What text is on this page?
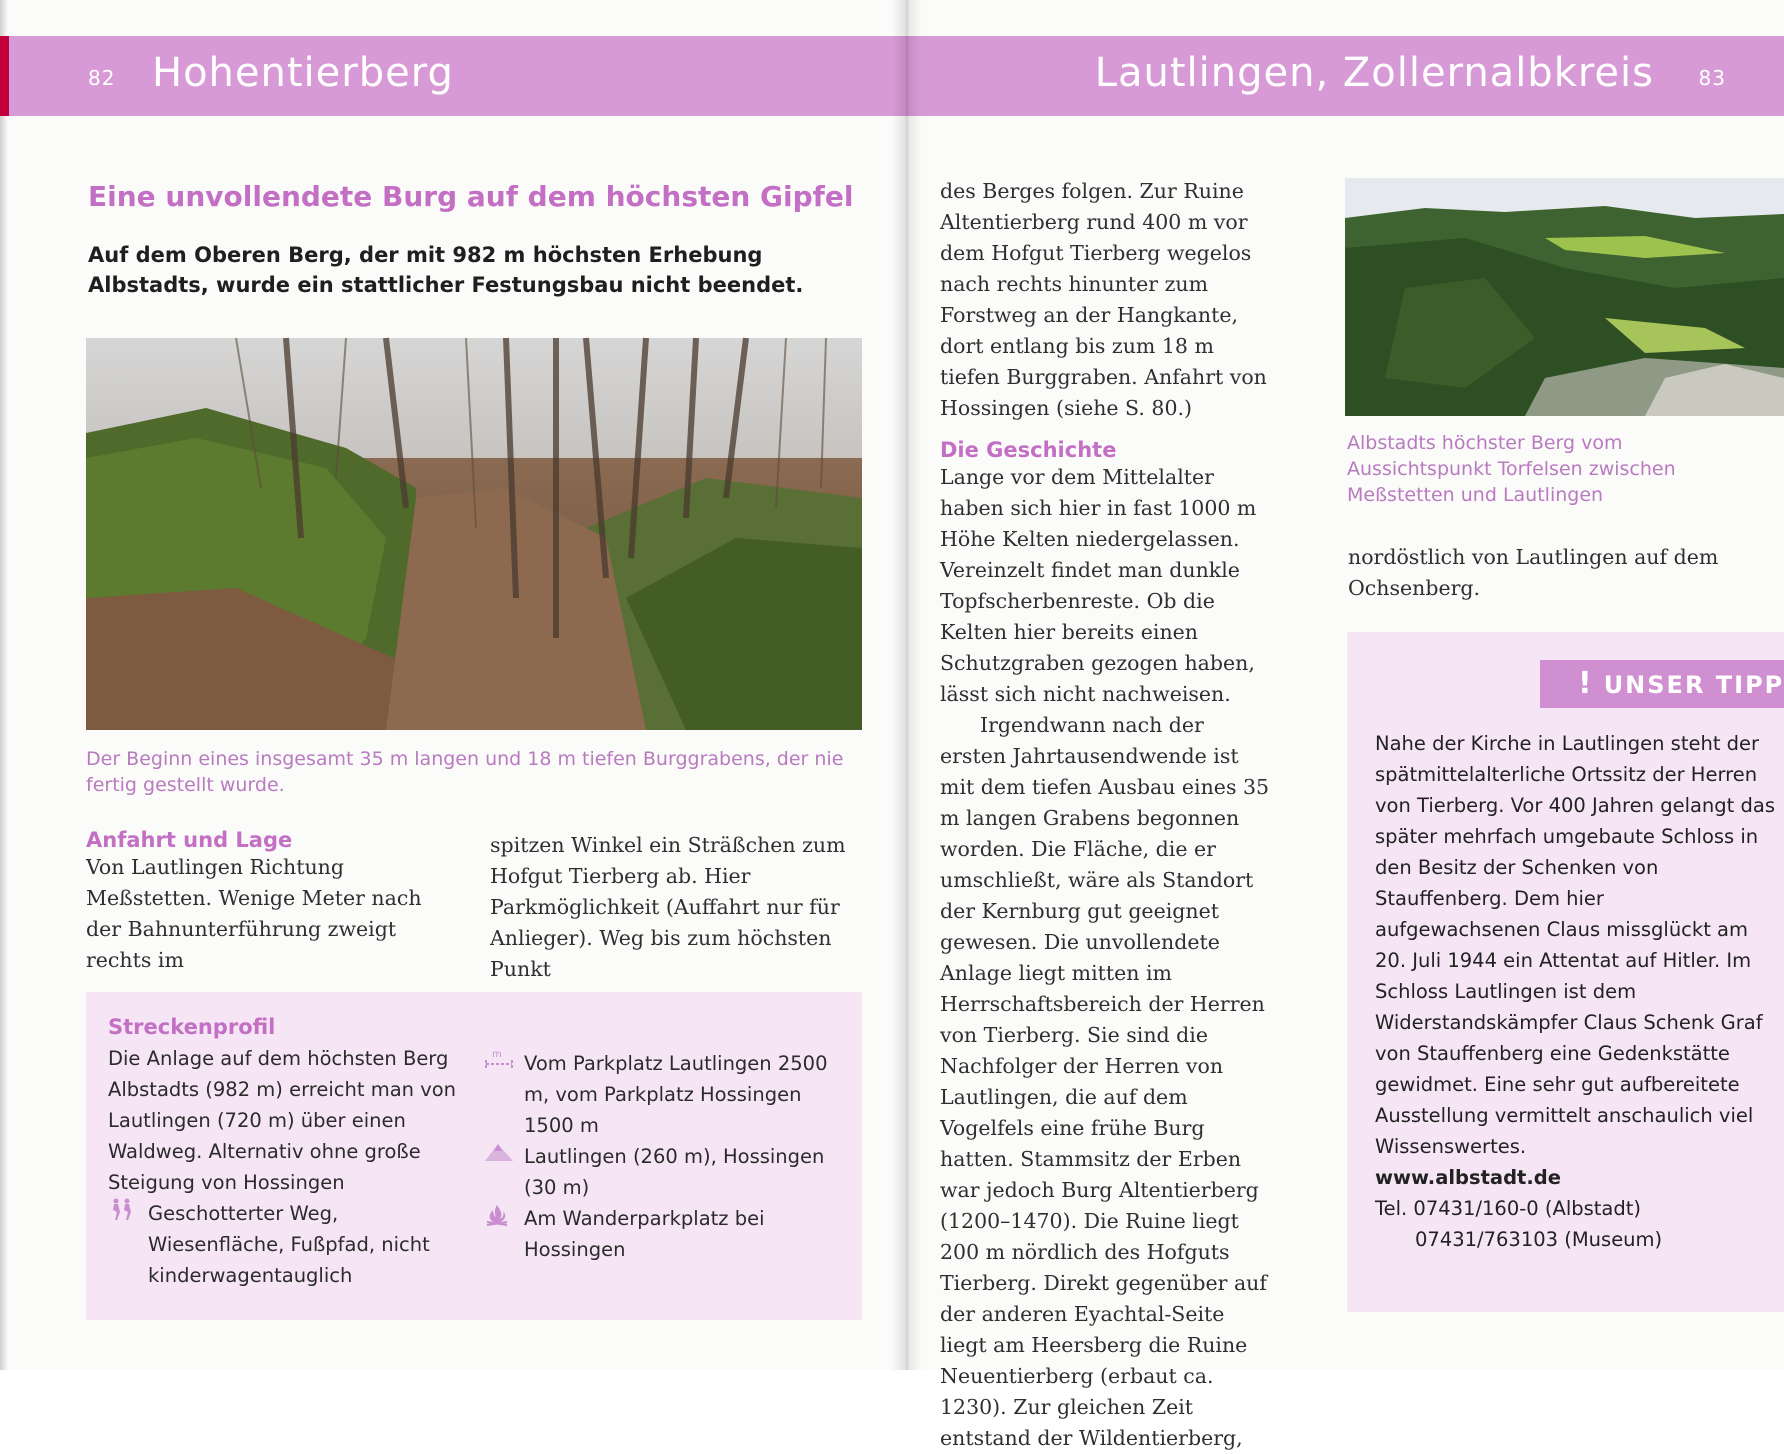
82 Hohentierberg
Eine unvollendete Burg auf dem höchsten Gipfel
Auf dem Oberen Berg, der mit 982 m höchsten Erhebung Albstadts, wurde ein stattlicher Festungsbau nicht beendet.
Der Beginn eines insgesamt 35 m langen und 18 m tiefen Burggrabens, der nie fertig gestellt wurde.
Anfahrt und Lage
Von Lautlingen Richtung Meßstetten. Wenige Meter nach der Bahnunterführung zweigt rechts im
spitzen Winkel ein Sträßchen zum Hofgut Tierberg ab. Hier Parkmöglichkeit (Auffahrt nur für Anlieger). Weg bis zum höchsten Punkt
Streckenprofil
Die Anlage auf dem höchsten Berg Albstadts (982 m) erreicht man von Lautlingen (720 m) über einen Waldweg. Alternativ ohne große Steigung von Hossingen
Geschotterter Weg, Wiesenfläche, Fußpfad, nicht kinderwagentauglich
m Vom Parkplatz Lautlingen 2500 m, vom Parkplatz Hossingen 1500 m
Lautlingen (260 m), Hossingen (30 m)
Am Wanderparkplatz bei Hossingen
Lautlingen, Zollernalbkreis 83
des Berges folgen. Zur Ruine Altentierberg rund 400 m vor dem Hofgut Tierberg wegelos nach rechts hinunter zum Forstweg an der Hangkante, dort entlang bis zum 18 m tiefen Burggraben. Anfahrt von Hossingen (siehe S. 80.)
Die Geschichte

Lange vor dem Mittelalter haben sich hier in fast 1000 m Höhe Kelten niedergelassen. Vereinzelt findet man dunkle Topfscherbenreste. Ob die Kelten hier bereits einen Schutzgraben gezogen haben, lässt sich nicht nachweisen.

Irgendwann nach der ersten Jahrtausendwende ist mit dem tiefen Ausbau eines 35 m langen Grabens begonnen worden. Die Fläche, die er umschließt, wäre als Standort der Kernburg gut geeignet gewesen. Die unvollendete Anlage liegt mitten im Herrschaftsbereich der Herren von Tierberg. Sie sind die Nachfolger der Herren von Lautlingen, die auf dem Vogelfels eine frühe Burg hatten. Stammsitz der Erben war jedoch Burg Altentierberg (1200–1470). Die Ruine liegt 200 m nördlich des Hofguts Tierberg. Direkt gegenüber auf der anderen Eyachtal-Seite liegt am Heersberg die Ruine Neuentierberg (erbaut ca. 1230). Zur gleichen Zeit entstand der Wildentierberg,

Albstadts höchster Berg vom Aussichtspunkt Torfelsen zwischen Meßstetten und Lautlingen
nordöstlich von Lautlingen auf dem Ochsenberg.
! UNSER TIPP
Nahe der Kirche in Lautlingen steht der spätmittelalterliche Ortssitz der Herren von Tierberg. Vor 400 Jahren gelangt das später mehrfach umgebaute Schloss in den Besitz der Schenken von Stauffenberg. Dem hier aufgewachsenen Claus missglückt am 20. Juli 1944 ein Attentat auf Hitler. Im Schloss Lautlingen ist dem Widerstandskämpfer Claus Schenk Graf von Stauffenberg eine Gedenkstätte gewidmet. Eine sehr gut aufbereitete Ausstellung vermittelt anschaulich viel Wissenswertes.
www.albstadt.de
Tel. 07431/160-0 (Albstadt)
07431/763103 (Museum)
